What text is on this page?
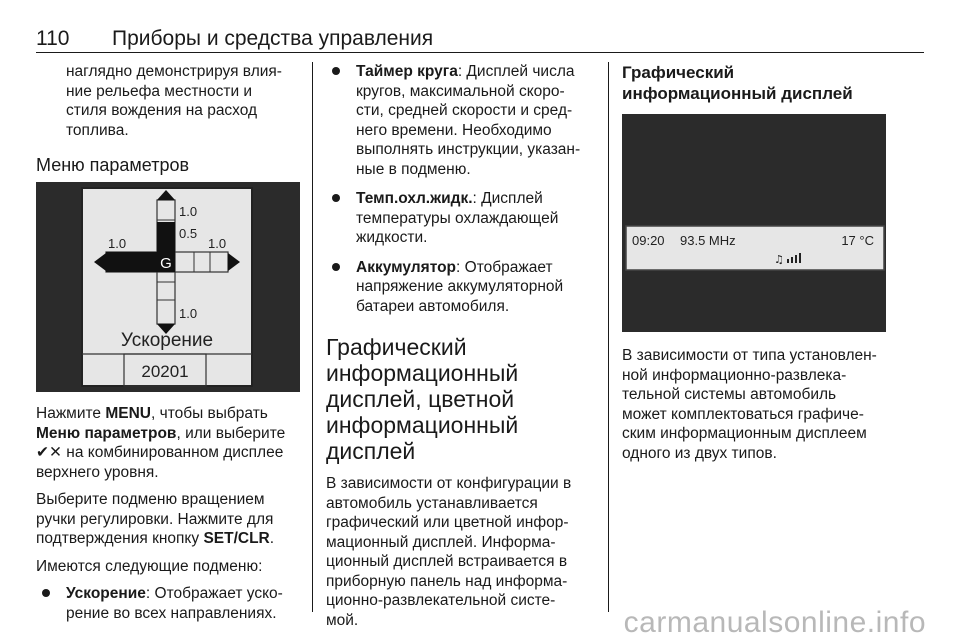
110 Приборы и средства управления

наглядно демонстрируя влия-
ние рельефа местности и
стиля вождения на расход
топлива.

Меню параметров
G
1.0
0.5
1.0	1.0
1.0
Ускорение
20201

Нажмите MENU, чтобы выбрать
Меню параметров, или выберите
✔✕ на комбинированном дисплее
верхнего уровня.

Выберите подменю вращением
ручки регулировки. Нажмите для
подтверждения кнопку SET/CLR.

Имеются следующие подменю:

Ускорение: Отображает уско-
рение во всех направлениях.
Таймер круга: Дисплей числа
кругов, максимальной скоро-
сти, средней скорости и сред-
него времени. Необходимо
выполнять инструкции, указан-
ные в подменю.
Темп.охл.жидк.: Дисплей
температуры охлаждающей
жидкости.
Аккумулятор: Отображает
напряжение аккумуляторной
батареи автомобиля.
Графический
информационный
дисплей, цветной
информационный
дисплей

В зависимости от конфигурации в
автомобиль устанавливается
графический или цветной инфор-
мационный дисплей. Информа-
ционный дисплей встраивается в
приборную панель над информа-
ционно-развлекательной систе-
мой.

Графический
информационный дисплей
09:20 93.5 MHz	17 °C
♫

В зависимости от типа установлен-
ной информационно-развлека-
тельной системы автомобиль
может комплектоваться графиче-
ским информационным дисплеем
одного из двух типов.

carmanualsonline.info
